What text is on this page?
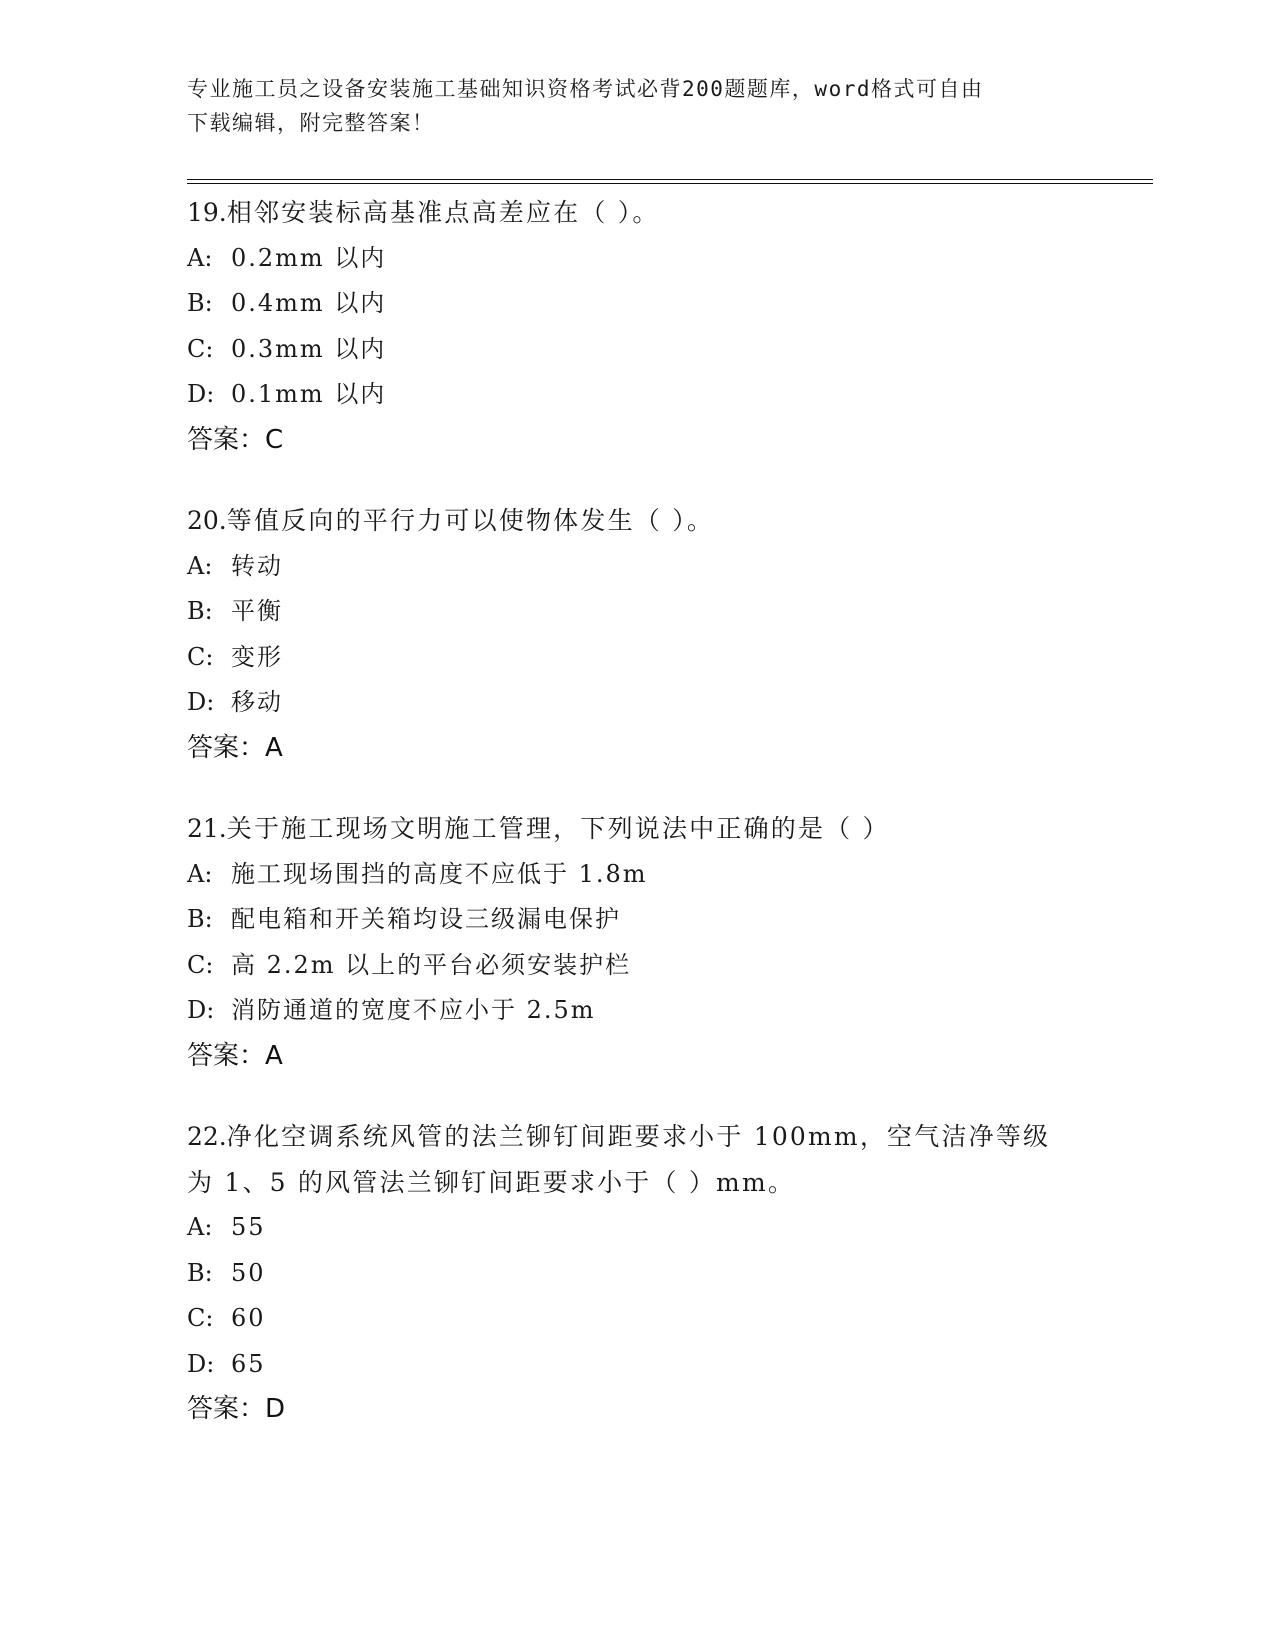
专业施工员之设备安装施工基础知识资格考试必背200题题库，word格式可自由
下载编辑，附完整答案！
19.相邻安装标高基准点高差应在（ ）。
A: 0.2mm 以内
B: 0.4mm 以内
C: 0.3mm 以内
D: 0.1mm 以内
答案：C
20.等值反向的平行力可以使物体发生（ ）。
A: 转动
B: 平衡
C: 变形
D: 移动
答案：A
21.关于施工现场文明施工管理，下列说法中正确的是（ ）
A: 施工现场围挡的高度不应低于 1.8m
B: 配电箱和开关箱均设三级漏电保护
C: 高 2.2m 以上的平台必须安装护栏
D: 消防通道的宽度不应小于 2.5m
答案：A
22.净化空调系统风管的法兰铆钉间距要求小于 100mm，空气洁净等级
为 1、5 的风管法兰铆钉间距要求小于（ ）mm。
A: 55
B: 50
C: 60
D: 65
答案：D
